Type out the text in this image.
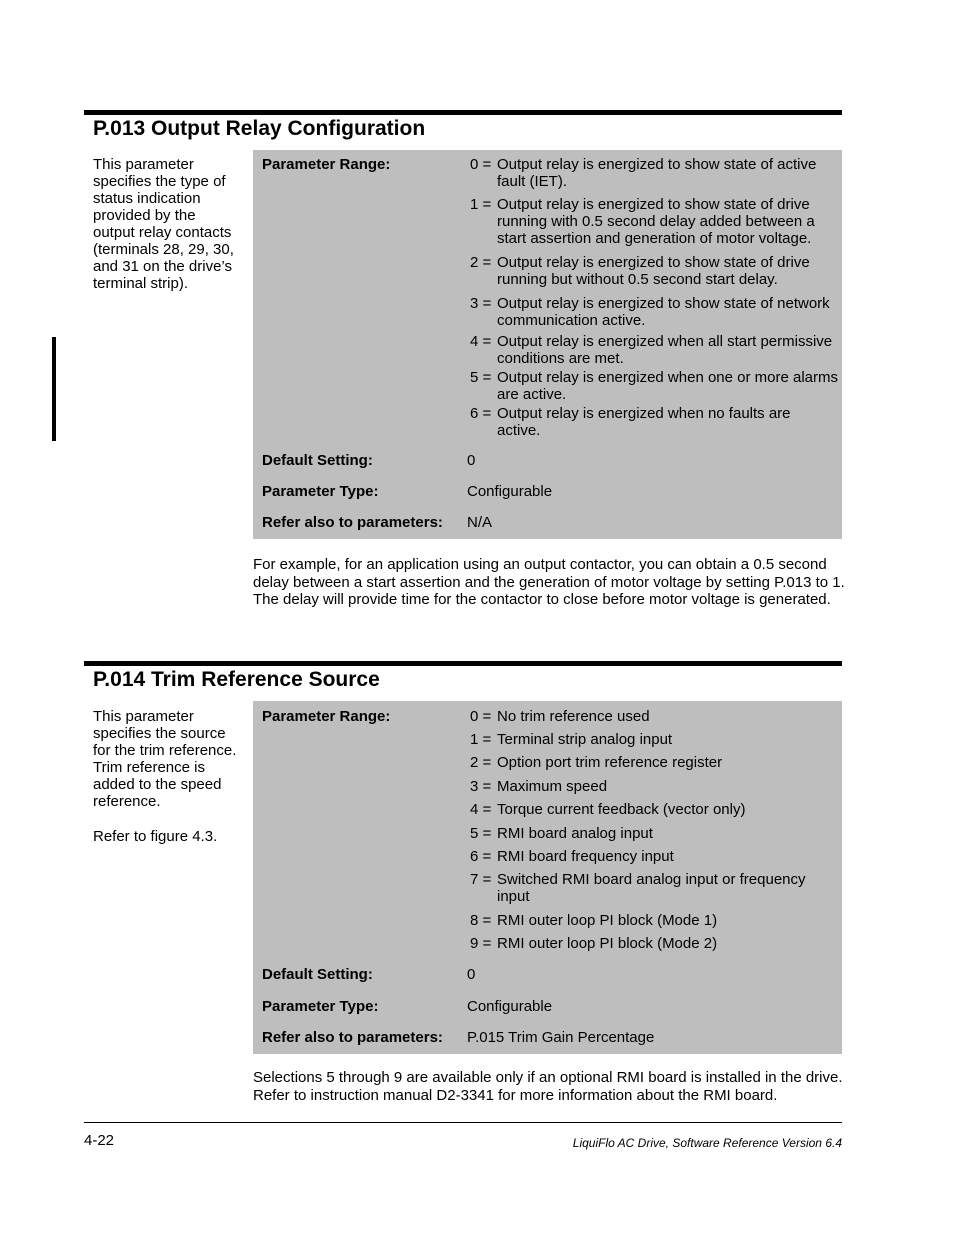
P.013 Output Relay Configuration

This parameter

specifies the type of

status indication

provided by the

output relay contacts

(terminals 28, 29, 30,

and 31 on the drive’s

terminal strip).

Parameter Range:	0 = Output relay is energized to show state of active fault (IET).
1 = Output relay is energized to show state of drive running with 0.5 second delay added between a start assertion and generation of motor voltage.
2 = Output relay is energized to show state of drive running but without 0.5 second start delay.
3 = Output relay is energized to show state of network communication active.
4 = Output relay is energized when all start permissive conditions are met.
5 = Output relay is energized when one or more alarms are active.
6 = Output relay is energized when no faults are active.
Default Setting:	0
Parameter Type:	Configurable
Refer also to parameters: N/A
For example, for an application using an output contactor, you can obtain a 0.5 second delay between a start assertion and the generation of motor voltage by setting P.013 to 1. The delay will provide time for the contactor to close before motor voltage is generated.
P.014 Trim Reference Source

This parameter

specifies the source

for the trim reference.

Trim reference is

added to the speed

reference.

Refer to figure 4.3.

Parameter Range:	0 = No trim reference used
1 = Terminal strip analog input
2 = Option port trim reference register
3 = Maximum speed
4 = Torque current feedback (vector only)
5 = RMI board analog input
6 = RMI board frequency input
7 = Switched RMI board analog input or frequency input
8 = RMI outer loop PI block (Mode 1)
9 = RMI outer loop PI block (Mode 2)
Default Setting:	0
Parameter Type:	Configurable
Refer also to parameters: P.015 Trim Gain Percentage
Selections 5 through 9 are available only if an optional RMI board is installed in the drive. Refer to instruction manual D2-3341 for more information about the RMI board.
4-22	LiquiFlo AC Drive, Software Reference Version 6.4
